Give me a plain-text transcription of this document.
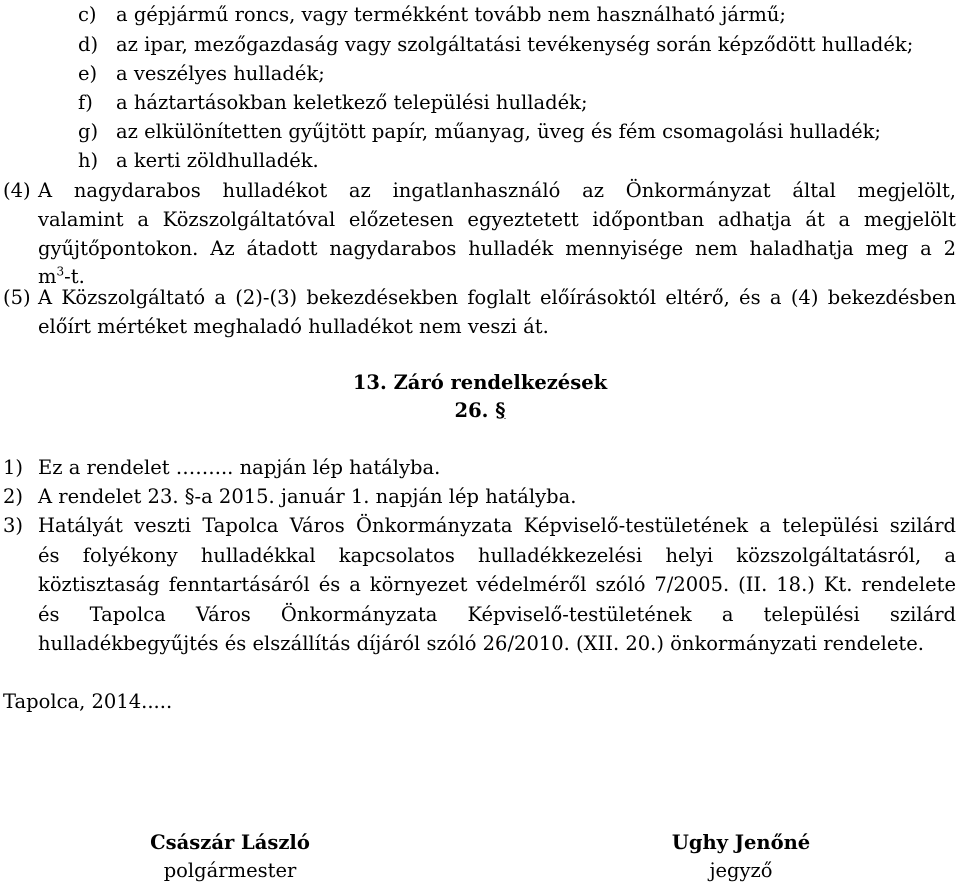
c) a gépjármű roncs, vagy termékként tovább nem használható jármű;
d) az ipar, mezőgazdaság vagy szolgáltatási tevékenység során képződött hulladék;
e) a veszélyes hulladék;
f) a háztartásokban keletkező települési hulladék;
g) az elkülönítetten gyűjtött papír, műanyag, üveg és fém csomagolási hulladék;
h) a kerti zöldhulladék.
(4) A nagydarabos hulladékot az ingatlanhasználó az Önkormányzat által megjelölt,
valamint a Közszolgáltatóval előzetesen egyeztetett időpontban adhatja át a megjelölt
gyűjtőpontokon. Az átadott nagydarabos hulladék mennyisége nem haladhatja meg a 2
$m^3-t$.
(5) A Közszolgáltató a (2)-(3) bekezdésekben foglalt előírásoktól eltérő, és a (4) bekezdésben
előírt mértéket meghaladó hulladékot nem veszi át.
13. Záró rendelkezések
26. §
1) Ez a rendelet ……... napján lép hatályba.
2) A rendelet 23. §-a 2015. január 1. napján lép hatályba.
3) Hatályát veszti Tapolca Város Önkormányzata Képviselő-testületének a települési szilárd
és folyékony hulladékkal kapcsolatos hulladékkezelési helyi közszolgáltatásról, a
köztisztaság fenntartásáról és a környezet védelméről szóló 7/2005. (II. 18.) Kt. rendelete
és Tapolca Város Önkormányzata Képviselő-testületének a települési szilárd
hulladékbegyűjtés és elszállítás díjáról szóló 26/2010. (XII. 20.) önkormányzati rendelete.
Tapolca, 2014.....
Császár László
polgármester
Ughy Jenőné
jegyző
